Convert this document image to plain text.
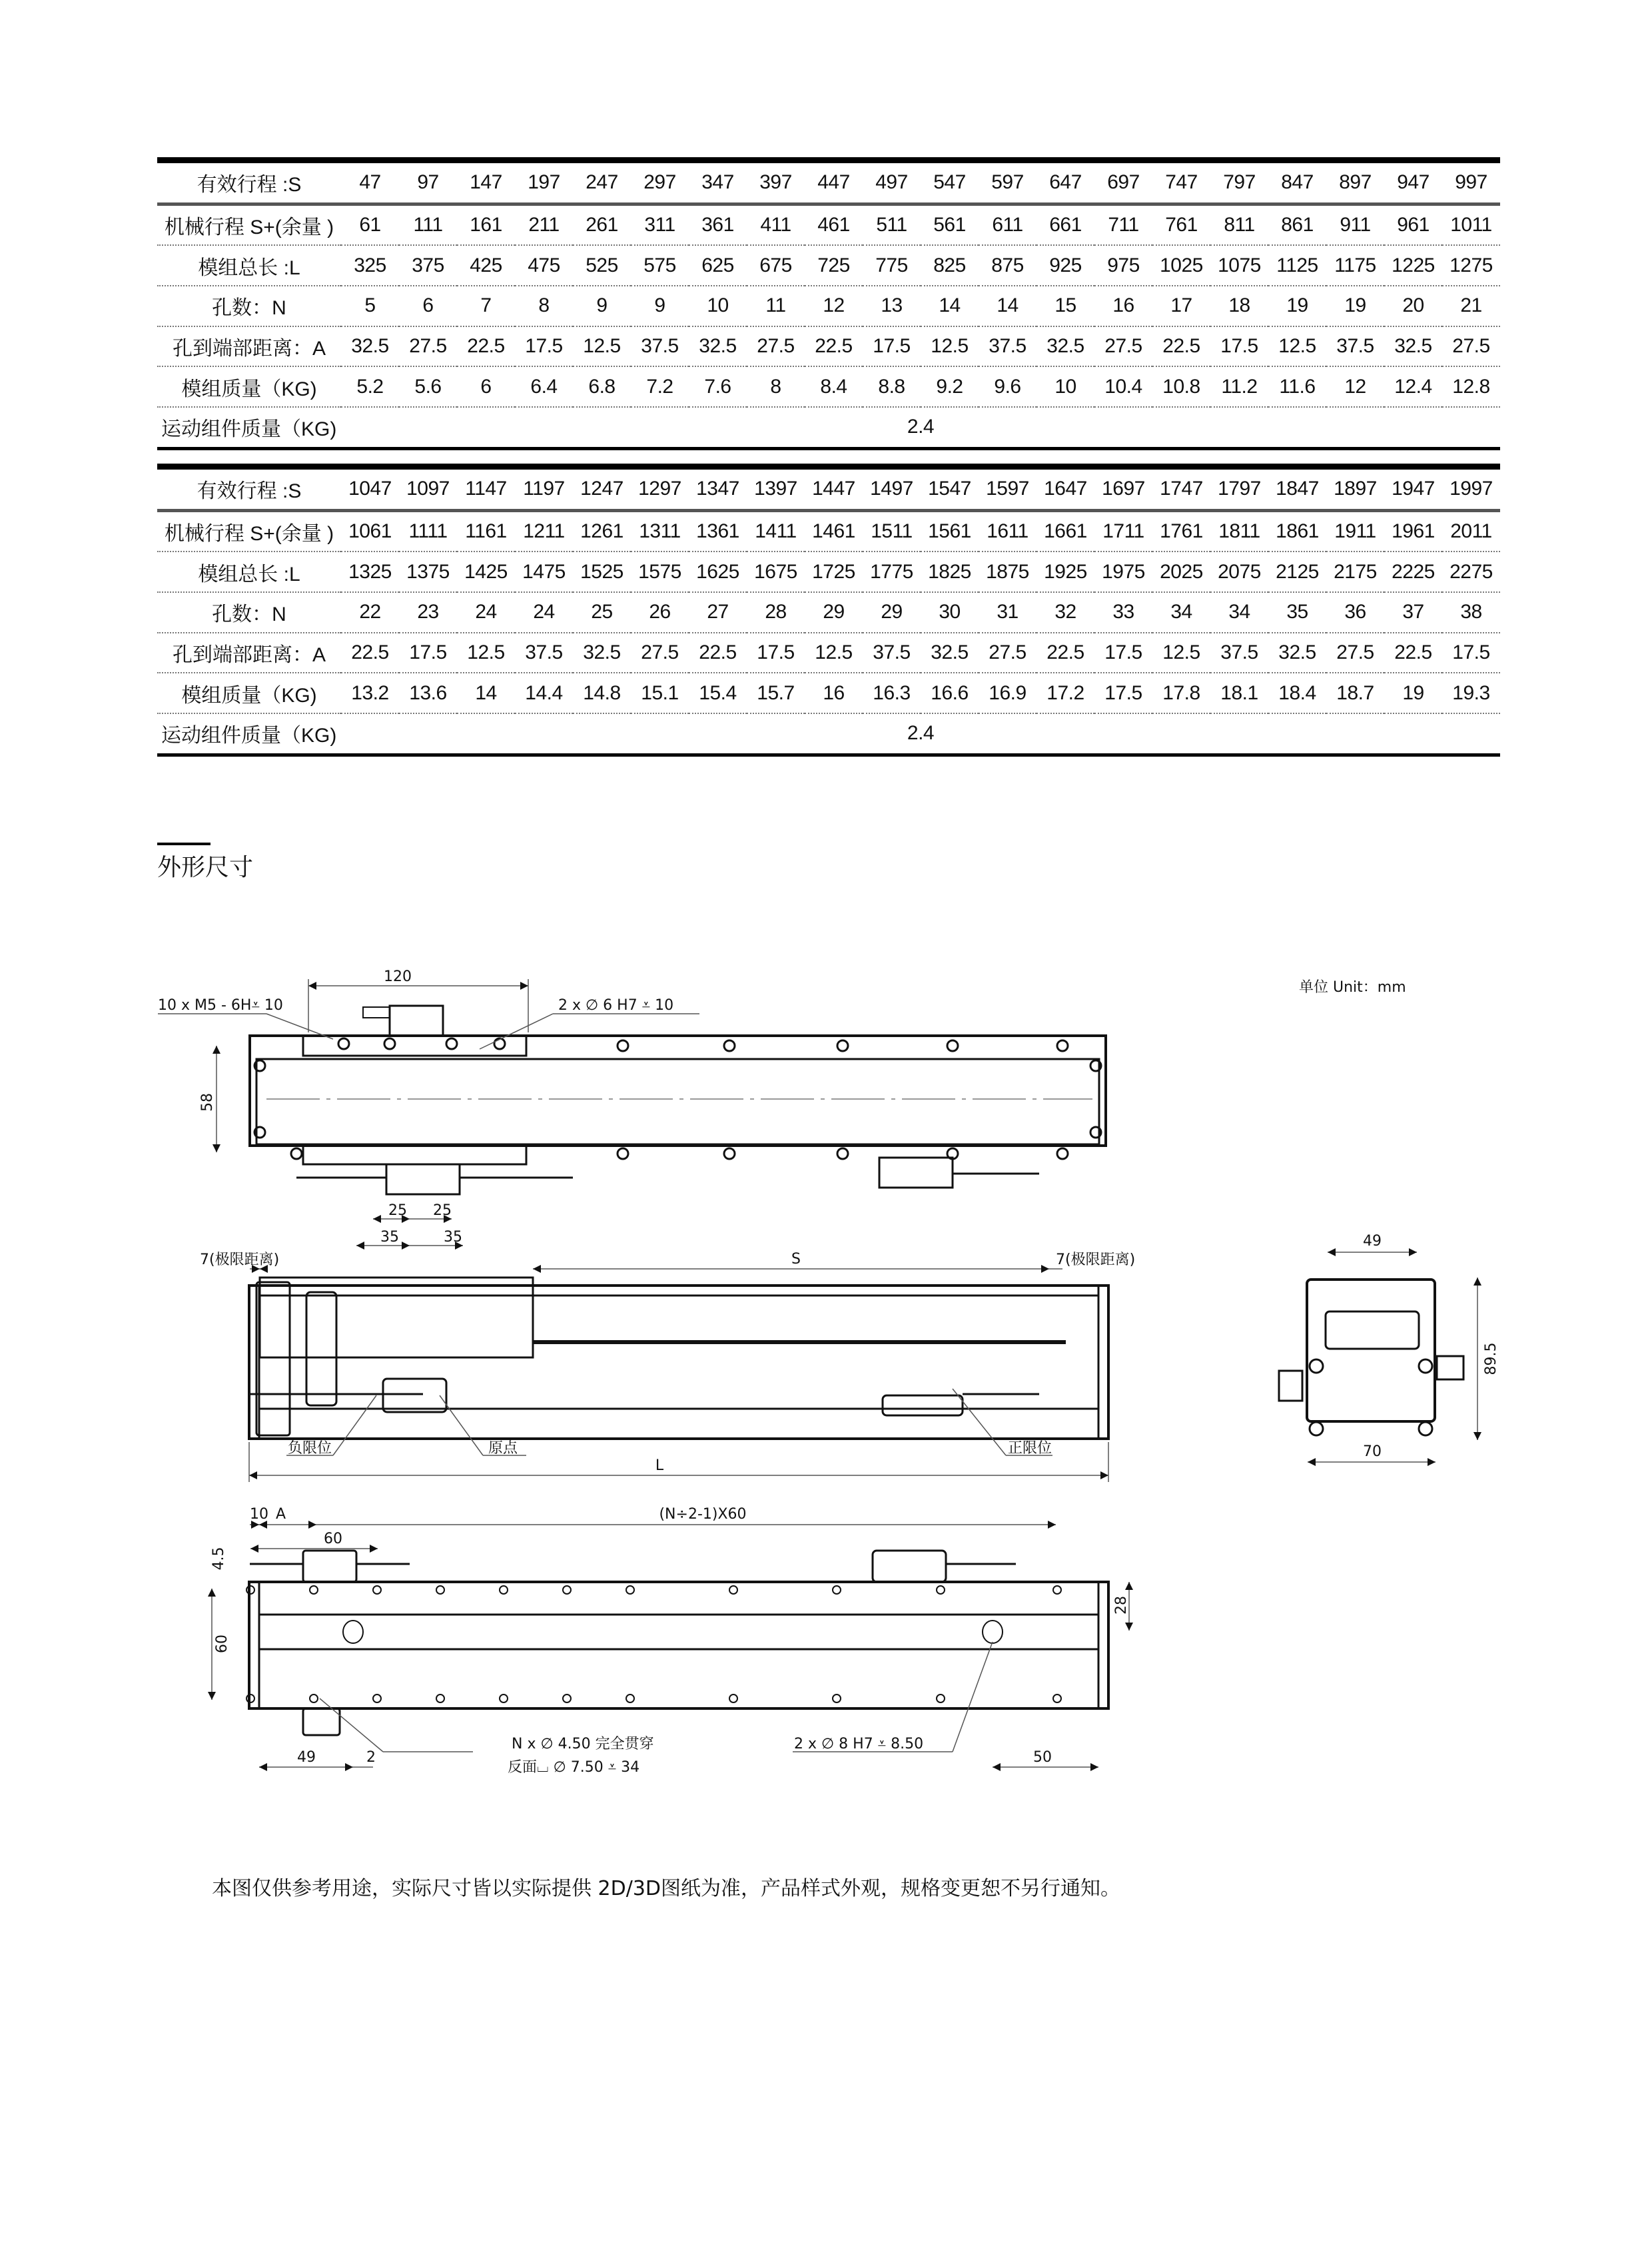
有效行程 :S	47	97	147	197	247	297	347	397	447	497	547	597	647	697	747	797	847	897	947	997
机械行程 S+(余量 )	61	111	161	211	261	311	361	411	461	511	561	611	661	711	761	811	861	911	961	1011
模组总长 :L	325	375	425	475	525	575	625	675	725	775	825	875	925	975	1025	1075	1125	1175	1225	1275
孔数：N	5	6	7	8	9	9	10	11	12	13	14	14	15	16	17	18	19	19	20	21
孔到端部距离：A	32.5	27.5	22.5	17.5	12.5	37.5	32.5	27.5	22.5	17.5	12.5	37.5	32.5	27.5	22.5	17.5	12.5	37.5	32.5	27.5
模组质量（KG)	5.2	5.6	6	6.4	6.8	7.2	7.6	8	8.4	8.8	9.2	9.6	10	10.4	10.8	11.2	11.6	12	12.4	12.8
运动组件质量（KG)	2.4																			
有效行程 :S	1047	1097	1147	1197	1247	1297	1347	1397	1447	1497	1547	1597	1647	1697	1747	1797	1847	1897	1947	1997
机械行程 S+(余量 )	1061	1111	1161	1211	1261	1311	1361	1411	1461	1511	1561	1611	1661	1711	1761	1811	1861	1911	1961	2011
模组总长 :L	1325	1375	1425	1475	1525	1575	1625	1675	1725	1775	1825	1875	1925	1975	2025	2075	2125	2175	2225	2275
孔数：N	22	23	24	24	25	26	27	28	29	29	30	31	32	33	34	34	35	36	37	38
孔到端部距离：A	22.5	17.5	12.5	37.5	32.5	27.5	22.5	17.5	12.5	37.5	32.5	27.5	22.5	17.5	12.5	37.5	32.5	27.5	22.5	17.5
模组质量（KG)	13.2	13.6	14	14.4	14.8	15.1	15.4	15.7	16	16.3	16.6	16.9	17.2	17.5	17.8	18.1	18.4	18.7	19	19.3
运动组件质量（KG)	2.4																			
外形尺寸
单位 Unit：mm
120
10 x M5 - 6H⩡ 10	2 x ∅ 6 H7 ⩡ 10
58
25 25
35	35
7(极限距离)	7(极限距离)
S
L
负限位	原点	正限位
49
89.5
70
10 A	(N÷2-1)X60
60
4.5
60
28
49	2	50
N x ∅ 4.50 完全贯穿
反面⌴ ∅ 7.50 ⩡ 34
2 x ∅ 8 H7 ⩡ 8.50
本图仅供参考用途，实际尺寸皆以实际提供 2D/3D图纸为准，产品样式外观，规格变更恕不另行通知。
